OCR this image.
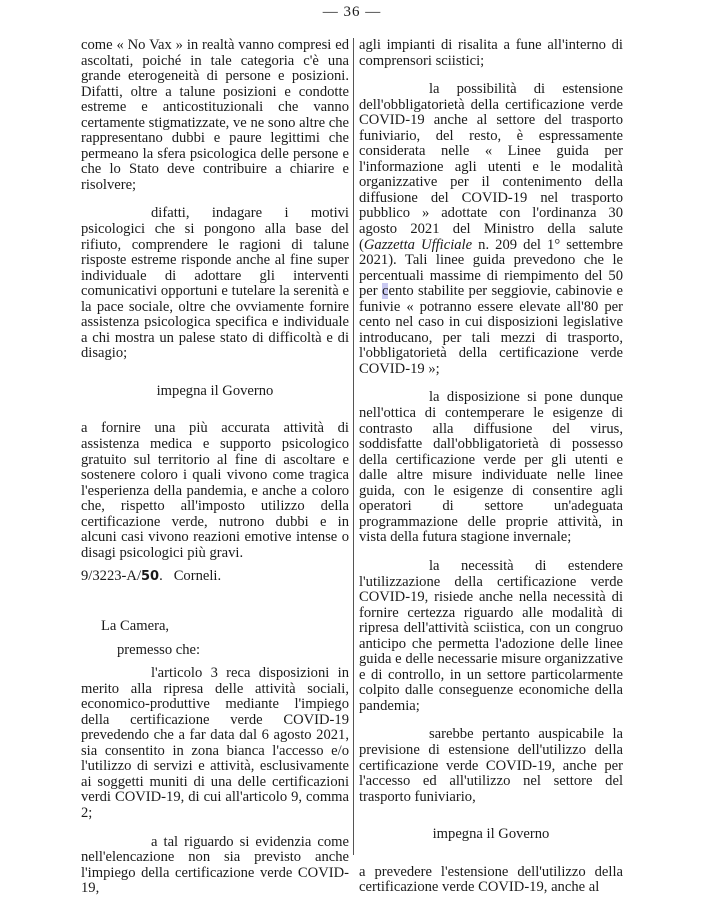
— 36 —

come « No Vax » in realtà vanno compresi ed ascoltati, poiché in tale categoria c'è una grande eterogeneità di persone e posizioni. Difatti, oltre a talune posizioni e condotte estreme e anticostituzionali che vanno certamente stigmatizzate, ve ne sono altre che rappresentano dubbi e paure legittimi che permeano la sfera psicologica delle persone e che lo Stato deve contribuire a chiarire e risolvere;

difatti, indagare i motivi psicologici che si pongono alla base del rifiuto, comprendere le ragioni di talune risposte estreme risponde anche al fine super individuale di adottare gli interventi comunicativi opportuni e tutelare la serenità e la pace sociale, oltre che ovviamente fornire assistenza psicologica specifica e individuale a chi mostra un palese stato di difficoltà e di disagio;

impegna il Governo

a fornire una più accurata attività di assistenza medica e supporto psicologico gratuito sul territorio al fine di ascoltare e sostenere coloro i quali vivono come tragica l'esperienza della pandemia, e anche a coloro che, rispetto all'imposto utilizzo della certificazione verde, nutrono dubbi e in alcuni casi vivono reazioni emotive intense o disagi psicologici più gravi.

9/3223-A/50. Corneli.

La Camera,

premesso che:

l'articolo 3 reca disposizioni in merito alla ripresa delle attività sociali, economico-produttive mediante l'impiego della certificazione verde COVID-19 prevedendo che a far data dal 6 agosto 2021, sia consentito in zona bianca l'accesso e/o l'utilizzo di servizi e attività, esclusivamente ai soggetti muniti di una delle certificazioni verdi COVID-19, di cui all'articolo 9, comma 2;

a tal riguardo si evidenzia come nell'elencazione non sia previsto anche l'impiego della certificazione verde COVID-19,

agli impianti di risalita a fune all'interno di comprensori sciistici;

la possibilità di estensione dell'obbligatorietà della certificazione verde COVID-19 anche al settore del trasporto funiviario, del resto, è espressamente considerata nelle « Linee guida per l'informazione agli utenti e le modalità organizzative per il contenimento della diffusione del COVID-19 nel trasporto pubblico » adottate con l'ordinanza 30 agosto 2021 del Ministro della salute (Gazzetta Ufficiale n. 209 del 1° settembre 2021). Tali linee guida prevedono che le percentuali massime di riempimento del 50 per cento stabilite per seggiovie, cabinovie e funivie « potranno essere elevate all'80 per cento nel caso in cui disposizioni legislative introducano, per tali mezzi di trasporto, l'obbligatorietà della certificazione verde COVID-19 »;

la disposizione si pone dunque nell'ottica di contemperare le esigenze di contrasto alla diffusione del virus, soddisfatte dall'obbligatorietà di possesso della certificazione verde per gli utenti e dalle altre misure individuate nelle linee guida, con le esigenze di consentire agli operatori di settore un'adeguata programmazione delle proprie attività, in vista della futura stagione invernale;

la necessità di estendere l'utilizzazione della certificazione verde COVID-19, risiede anche nella necessità di fornire certezza riguardo alle modalità di ripresa dell'attività sciistica, con un congruo anticipo che permetta l'adozione delle linee guida e delle necessarie misure organizzative e di controllo, in un settore particolarmente colpito dalle conseguenze economiche della pandemia;

sarebbe pertanto auspicabile la previsione di estensione dell'utilizzo della certificazione verde COVID-19, anche per l'accesso ed all'utilizzo nel settore del trasporto funiviario,

impegna il Governo

a prevedere l'estensione dell'utilizzo della certificazione verde COVID-19, anche al
